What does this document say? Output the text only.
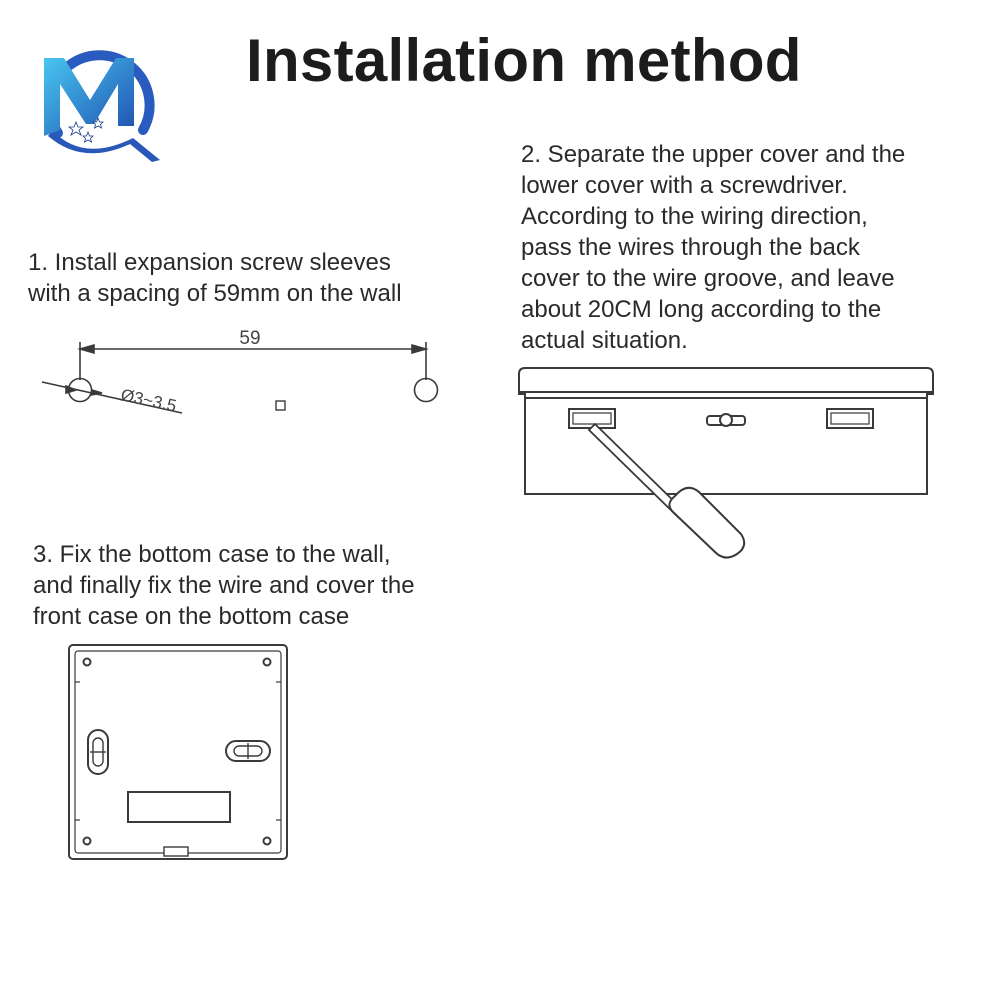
Installation method
1. Install expansion screw sleeves
with a spacing of 59mm on the wall
59
Ø3~3.5
2. Separate the upper cover and the
lower cover with a screwdriver.
According to the wiring direction,
pass the wires through the back
cover to the wire groove, and leave
about 20CM long according to the
actual situation.
3. Fix the bottom case to the wall,
and finally fix the wire and cover the
front case on the bottom case
